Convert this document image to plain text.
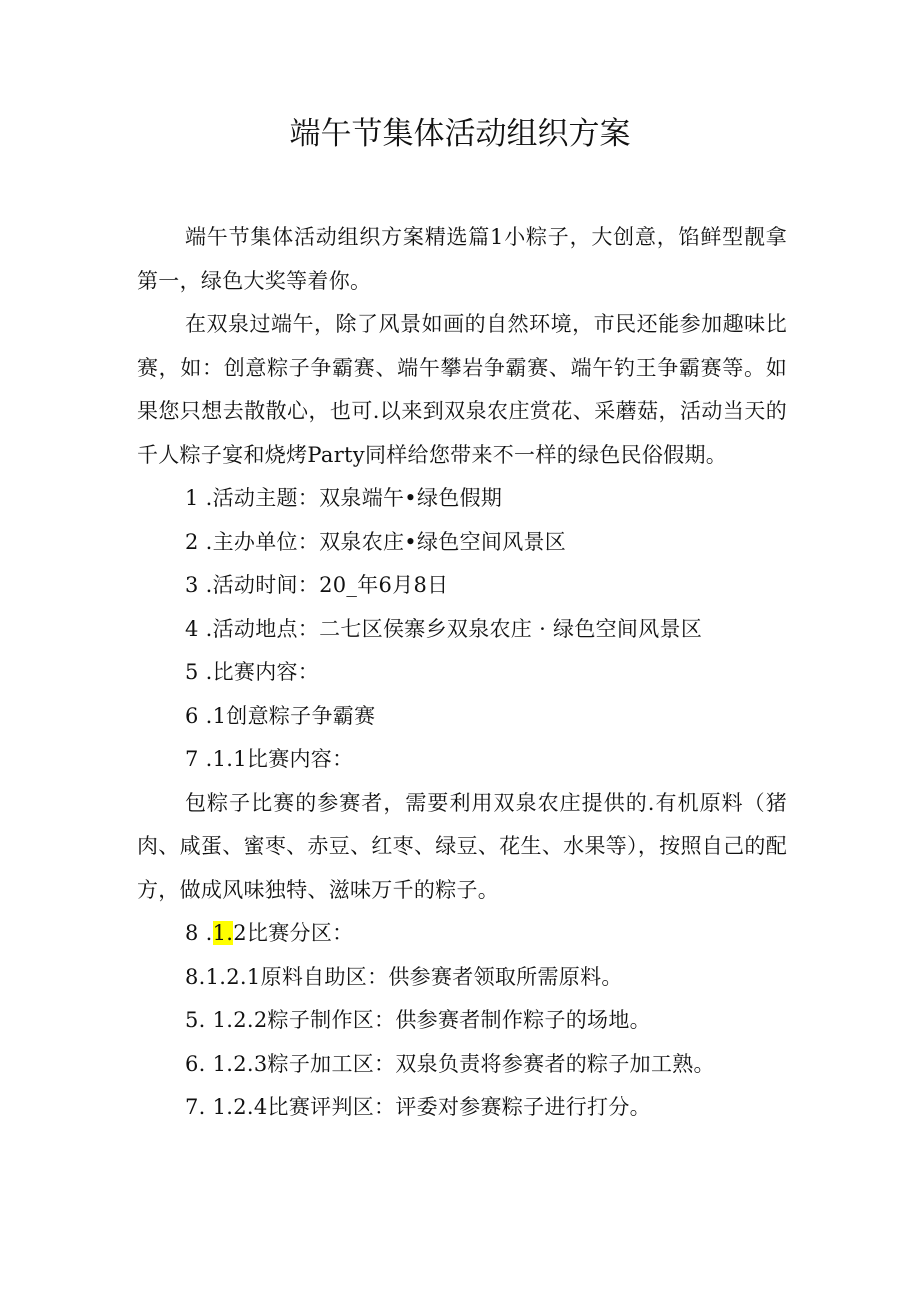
端午节集体活动组织方案

端午节集体活动组织方案精选篇1小粽子，大创意，馅鲜型靓拿第一，绿色大奖等着你。

在双泉过端午，除了风景如画的自然环境，市民还能参加趣味比赛，如：创意粽子争霸赛、端午攀岩争霸赛、端午钓王争霸赛等。如果您只想去散散心，也可.以来到双泉农庄赏花、采蘑菇，活动当天的千人粽子宴和烧烤Party同样给您带来不一样的绿色民俗假期。

1 .活动主题：双泉端午•绿色假期

2 .主办单位：双泉农庄•绿色空间风景区

3 .活动时间：20_年6月8日

4 .活动地点：二七区侯寨乡双泉农庄 · 绿色空间风景区

5 .比赛内容：

6 .1创意粽子争霸赛

7 .1.1比赛内容：

包粽子比赛的参赛者，需要利用双泉农庄提供的.有机原料（猪肉、咸蛋、蜜枣、赤豆、红枣、绿豆、花生、水果等），按照自己的配方，做成风味独特、滋味万千的粽子。

8 .1.2比赛分区：

8.1.2.1原料自助区：供参赛者领取所需原料。

5. 1.2.2粽子制作区：供参赛者制作粽子的场地。

6. 1.2.3粽子加工区：双泉负责将参赛者的粽子加工熟。

7. 1.2.4比赛评判区：评委对参赛粽子进行打分。
